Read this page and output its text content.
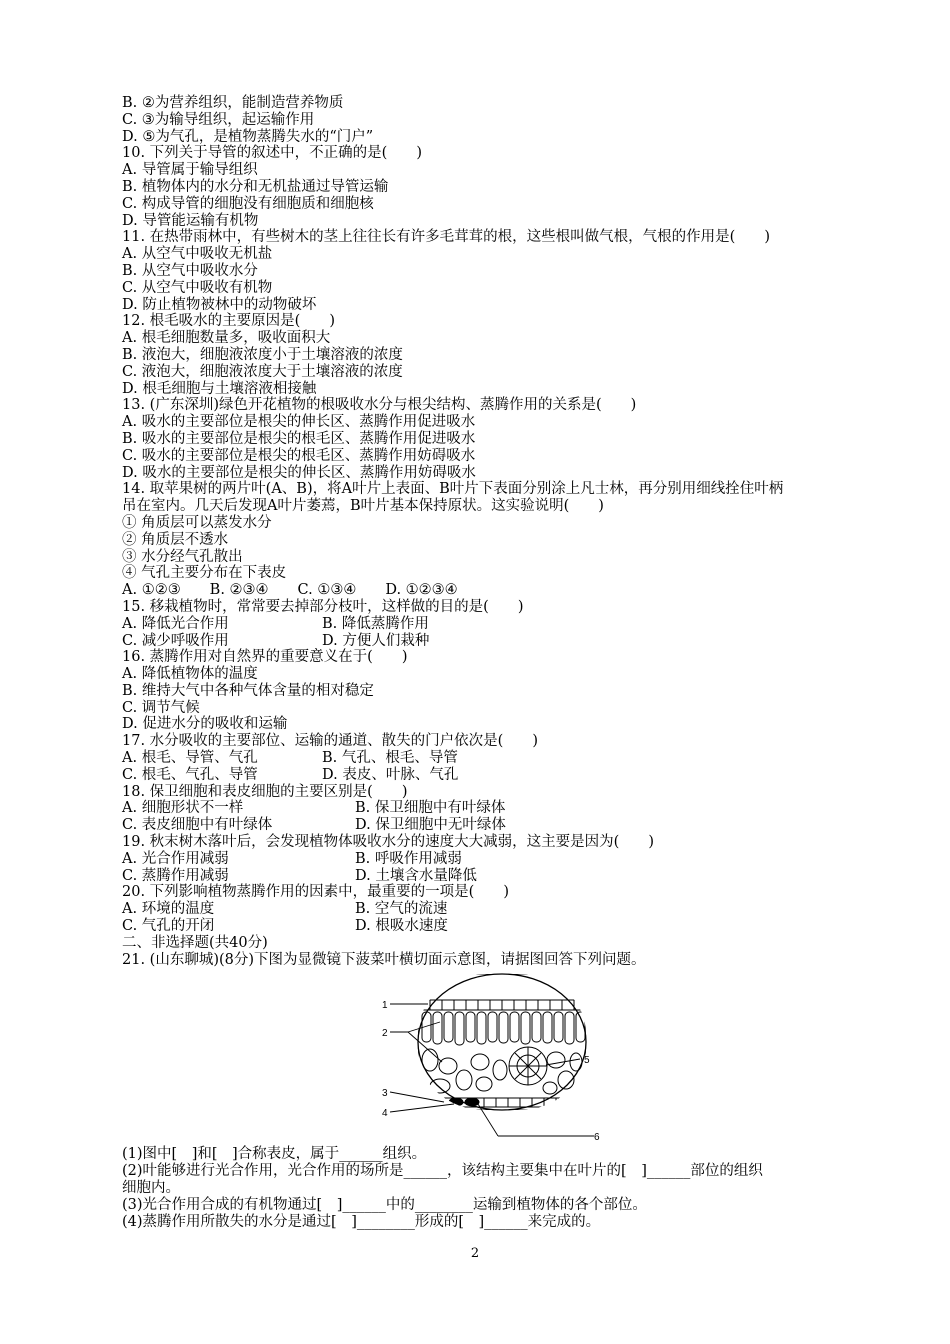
B. ②为营养组织，能制造营养物质
C. ③为输导组织，起运输作用
D. ⑤为气孔，是植物蒸腾失水的“门户”
10. 下列关于导管的叙述中，不正确的是(　　)
A. 导管属于输导组织
B. 植物体内的水分和无机盐通过导管运输
C. 构成导管的细胞没有细胞质和细胞核
D. 导管能运输有机物
11. 在热带雨林中，有些树木的茎上往往长有许多毛茸茸的根，这些根叫做气根，气根的作用是(　　)
A. 从空气中吸收无机盐
B. 从空气中吸收水分
C. 从空气中吸收有机物
D. 防止植物被林中的动物破坏
12. 根毛吸水的主要原因是(　　)
A. 根毛细胞数量多，吸收面积大
B. 液泡大，细胞液浓度小于土壤溶液的浓度
C. 液泡大，细胞液浓度大于土壤溶液的浓度
D. 根毛细胞与土壤溶液相接触
13. (广东深圳)绿色开花植物的根吸收水分与根尖结构、蒸腾作用的关系是(　　)
A. 吸水的主要部位是根尖的伸长区、蒸腾作用促进吸水
B. 吸水的主要部位是根尖的根毛区、蒸腾作用促进吸水
C. 吸水的主要部位是根尖的根毛区、蒸腾作用妨碍吸水
D. 吸水的主要部位是根尖的伸长区、蒸腾作用妨碍吸水
14. 取苹果树的两片叶(A、B)，将A叶片上表面、B叶片下表面分别涂上凡士林，再分别用细线拴住叶柄
吊在室内。几天后发现A叶片萎蔫，B叶片基本保持原状。这实验说明(　　)
① 角质层可以蒸发水分
② 角质层不透水
③ 水分经气孔散出
④ 气孔主要分布在下表皮
A. ①②③　　B. ②③④　　C. ①③④　　D. ①②③④
15. 移栽植物时，常常要去掉部分枝叶，这样做的目的是(　　)
A. 降低光合作用	B. 降低蒸腾作用
C. 减少呼吸作用	D. 方便人们栽种
16. 蒸腾作用对自然界的重要意义在于(　　)
A. 降低植物体的温度
B. 维持大气中各种气体含量的相对稳定
C. 调节气候
D. 促进水分的吸收和运输
17. 水分吸收的主要部位、运输的通道、散失的门户依次是(　　)
A. 根毛、导管、气孔	B. 气孔、根毛、导管
C. 根毛、气孔、导管	D. 表皮、叶脉、气孔
18. 保卫细胞和表皮细胞的主要区别是(　　)
A. 细胞形状不一样	B. 保卫细胞中有叶绿体
C. 表皮细胞中有叶绿体	D. 保卫细胞中无叶绿体
19. 秋末树木落叶后，会发现植物体吸收水分的速度大大减弱，这主要是因为(　　)
A. 光合作用减弱	B. 呼吸作用减弱
C. 蒸腾作用减弱	D. 土壤含水量降低
20. 下列影响植物蒸腾作用的因素中，最重要的一项是(　　)
A. 环境的温度	B. 空气的流速
C. 气孔的开闭	D. 根吸水速度
二、非选择题(共40分)
21. (山东聊城)(8分)下图为显微镜下菠菜叶横切面示意图，请据图回答下列问题。
1
2
3
4
5
6
(1)图中[　]和[　]合称表皮，属于______组织。
(2)叶能够进行光合作用，光合作用的场所是______，该结构主要集中在叶片的[　]______部位的组织
细胞内。
(3)光合作用合成的有机物通过[　]______中的________运输到植物体的各个部位。
(4)蒸腾作用所散失的水分是通过[　]________形成的[　]______来完成的。
2
